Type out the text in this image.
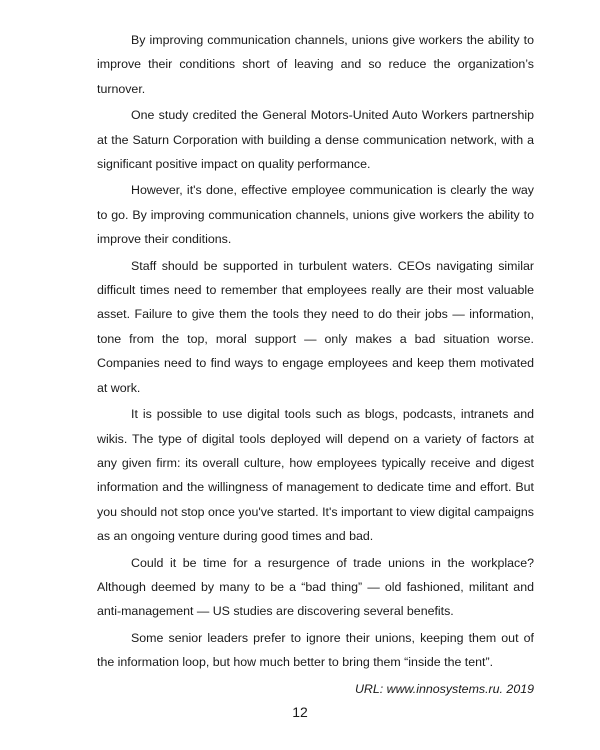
By improving communication channels, unions give workers the ability to improve their conditions short of leaving and so reduce the organization’s turnover.

One study credited the General Motors-United Auto Workers partnership at the Saturn Corporation with building a dense communication network, with a significant positive impact on quality performance.

However, it's done, effective employee communication is clearly the way to go. By improving communication channels, unions give workers the ability to improve their conditions.

Staff should be supported in turbulent waters. CEOs navigating similar difficult times need to remember that employees really are their most valuable asset. Failure to give them the tools they need to do their jobs — information, tone from the top, moral support — only makes a bad situation worse. Companies need to find ways to engage employees and keep them motivated at work.

It is possible to use digital tools such as blogs, podcasts, intranets and wikis. The type of digital tools deployed will depend on a variety of factors at any given firm: its overall culture, how employees typically receive and digest information and the willingness of management to dedicate time and effort. But you should not stop once you've started. It's important to view digital campaigns as an ongoing venture during good times and bad.

Could it be time for a resurgence of trade unions in the workplace? Although deemed by many to be a “bad thing” — old fashioned, militant and anti-management — US studies are discovering several benefits.

Some senior leaders prefer to ignore their unions, keeping them out of the information loop, but how much better to bring them “inside the tent”.

URL: www.innosystems.ru. 2019

12
